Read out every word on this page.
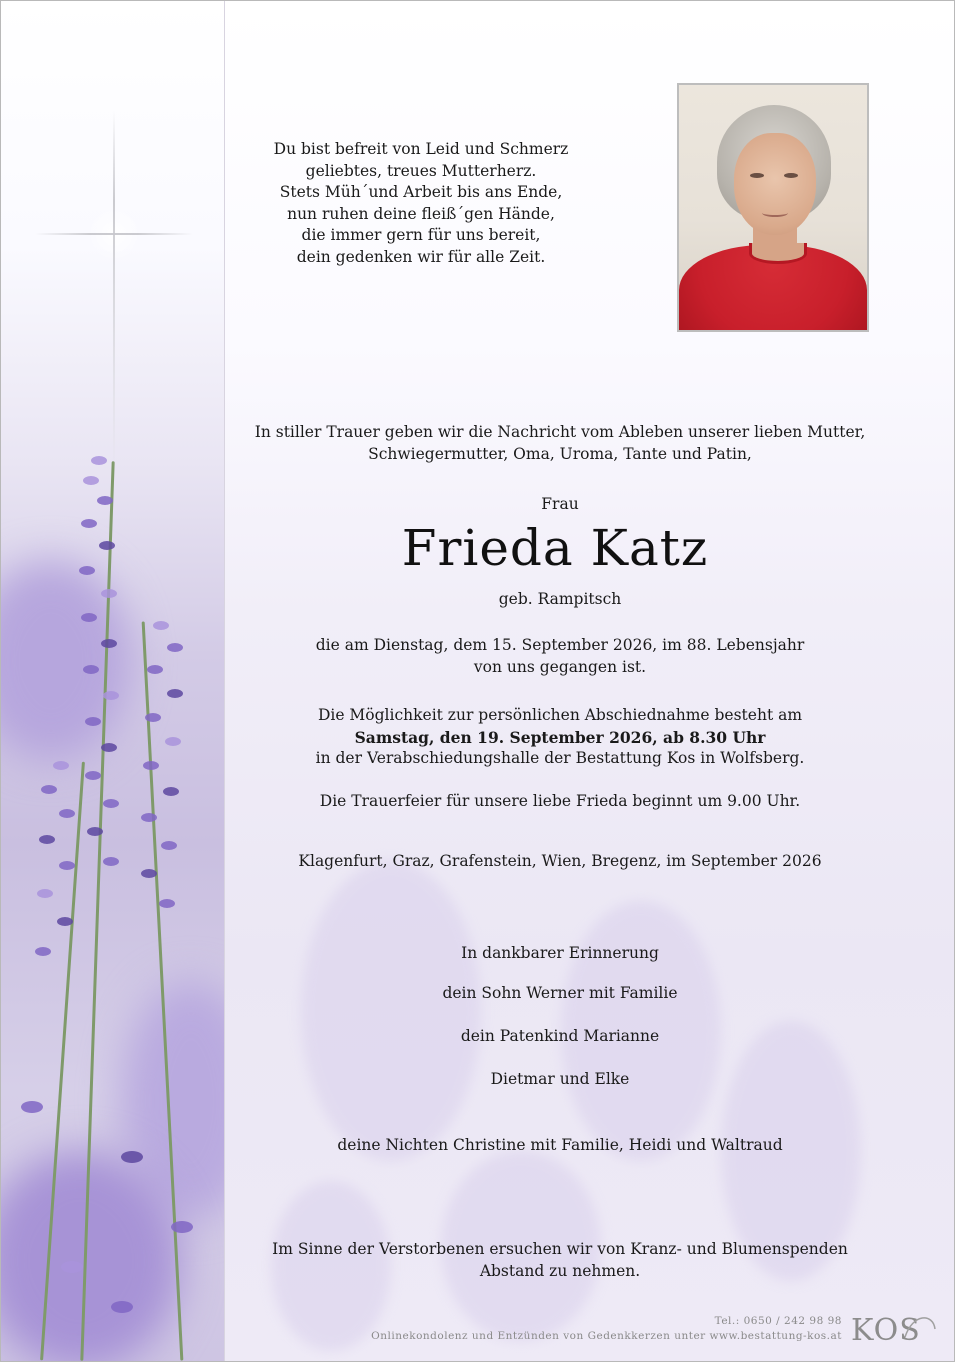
Du bist befreit von Leid und Schmerz
geliebtes, treues Mutterherz.
Stets Müh´und Arbeit bis ans Ende,
nun ruhen deine fleiß´gen Hände,
die immer gern für uns bereit,
dein gedenken wir für alle Zeit.
In stiller Trauer geben wir die Nachricht vom Ableben unserer lieben Mutter,
Schwiegermutter, Oma, Uroma, Tante und Patin,
Frau
Frieda Katz
geb. Rampitsch
die am Dienstag, dem 15. September 2026, im 88. Lebensjahr
von uns gegangen ist.
Die Möglichkeit zur persönlichen Abschiednahme besteht am
Samstag, den 19. September 2026, ab 8.30 Uhr
in der Verabschiedungshalle der Bestattung Kos in Wolfsberg.
Die Trauerfeier für unsere liebe Frieda beginnt um 9.00 Uhr.
Klagenfurt, Graz, Grafenstein, Wien, Bregenz, im September 2026
In dankbarer Erinnerung
dein Sohn Werner mit Familie
dein Patenkind Marianne
Dietmar und Elke
deine Nichten Christine mit Familie, Heidi und Waltraud
Im Sinne der Verstorbenen ersuchen wir von Kranz- und Blumenspenden
Abstand zu nehmen.
Tel.: 0650 / 242 98 98
Onlinekondolenz und Entzünden von Gedenkkerzen unter www.bestattung-kos.at KOS
